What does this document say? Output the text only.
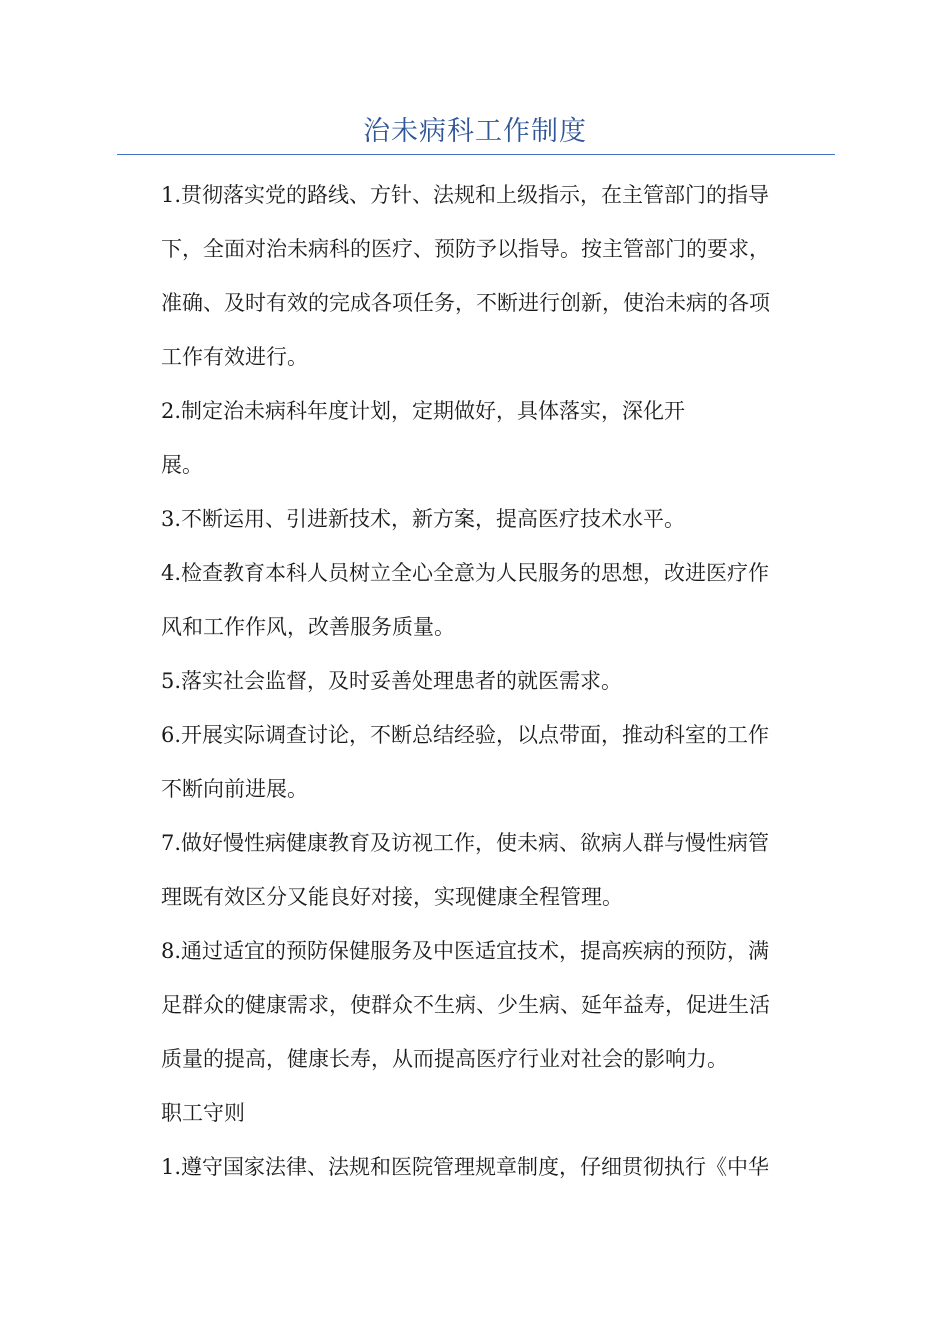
治未病科工作制度
1.贯彻落实党的路线、方针、法规和上级指示，在主管部门的指导
下，全面对治未病科的医疗、预防予以指导。按主管部门的要求，
准确、及时有效的完成各项任务，不断进行创新，使治未病的各项
工作有效进行。
2.制定治未病科年度计划，定期做好，具体落实，深化开
展。
3.不断运用、引进新技术，新方案，提高医疗技术水平。
4.检查教育本科人员树立全心全意为人民服务的思想，改进医疗作
风和工作作风，改善服务质量。
5.落实社会监督，及时妥善处理患者的就医需求。
6.开展实际调查讨论，不断总结经验，以点带面，推动科室的工作
不断向前进展。
7.做好慢性病健康教育及访视工作，使未病、欲病人群与慢性病管
理既有效区分又能良好对接，实现健康全程管理。
8.通过适宜的预防保健服务及中医适宜技术，提高疾病的预防，满
足群众的健康需求，使群众不生病、少生病、延年益寿，促进生活
质量的提高，健康长寿，从而提高医疗行业对社会的影响力。
职工守则
1.遵守国家法律、法规和医院管理规章制度，仔细贯彻执行《中华
